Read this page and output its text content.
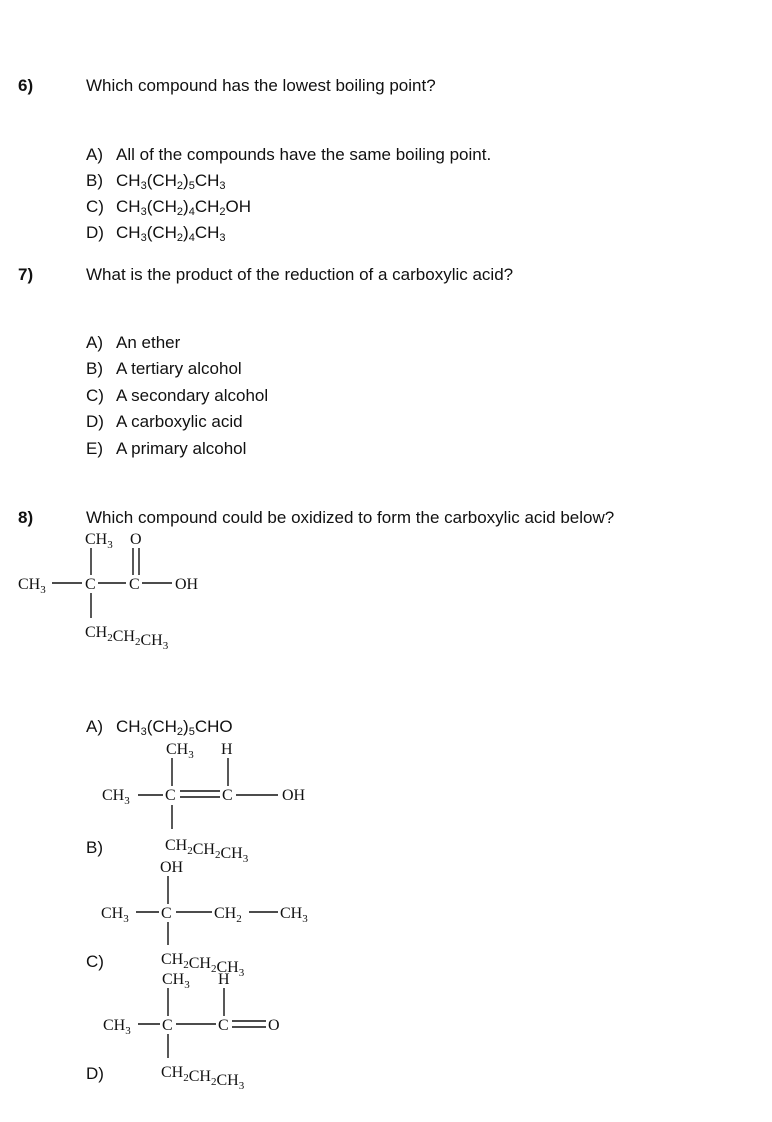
6)	Which compound has the lowest boiling point?
A) All of the compounds have the same boiling point.
B) $CH_3(CH_2)_5CH_3$
C) $CH_3(CH_2)_4CH_2OH$
D) $CH_3(CH_2)_4CH_3$
7)	What is the product of the reduction of a carboxylic acid?
A) An ether
B) A tertiary alcohol
C) A secondary alcohol
D) A carboxylic acid
E) A primary alcohol
8)	Which compound could be oxidized to form the carboxylic acid below?
A) $CH_3(CH_2)_5CHO$
B)
C)
D)
$CH_3$ O
$CH_3$ C C OH
$CH_2CH_2CH_3$
$CH_3$ H
$CH_3$ C	C	OH
$CH_2CH_2CH_3$
OH
$CH_3$ C	$CH_2$ $CH_3$
$CH_2CH_2CH_3$
$CH_3$ H
$CH_3$ C	C O
$CH_2CH_2CH_3$
